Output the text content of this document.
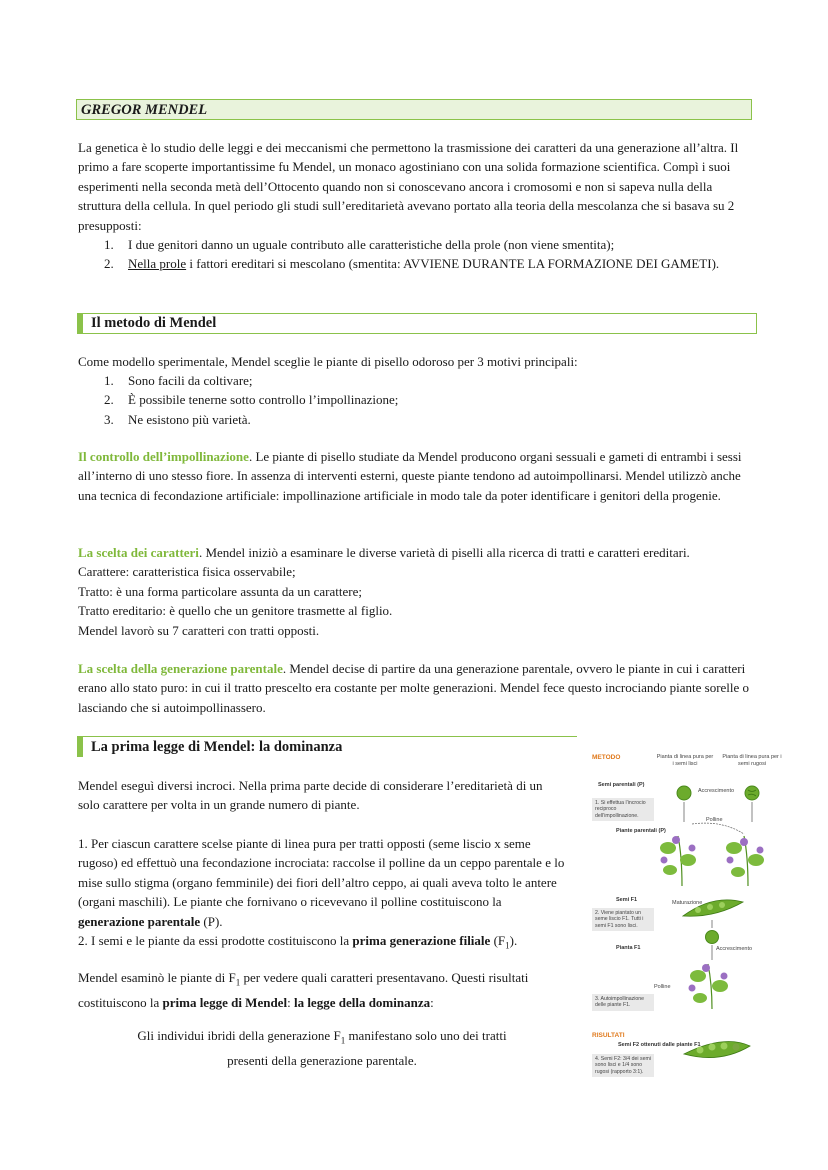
GREGOR MENDEL

La genetica è lo studio delle leggi e dei meccanismi che permettono la trasmissione dei caratteri da una generazione all’altra. Il primo a fare scoperte importantissime fu Mendel, un monaco agostiniano con una solida formazione scientifica. Compì i suoi esperimenti nella seconda metà dell’Ottocento quando non si conoscevano ancora i cromosomi e non si sapeva nulla della struttura della cellula. In quel periodo gli studi sull’ereditarietà avevano portato alla teoria della mescolanza che si basava su 2 presupposti:

1. I due genitori danno un uguale contributo alle caratteristiche della prole (non viene smentita);
2. Nella prole i fattori ereditari si mescolano (smentita: AVVIENE DURANTE LA FORMAZIONE DEI GAMETI).
Il metodo di Mendel

Come modello sperimentale, Mendel sceglie le piante di pisello odoroso per 3 motivi principali:

1. Sono facili da coltivare;
2. È possibile tenerne sotto controllo l’impollinazione;
3. Ne esistono più varietà.

Il controllo dell’impollinazione. Le piante di pisello studiate da Mendel producono organi sessuali e gameti di entrambi i sessi all’interno di uno stesso fiore. In assenza di interventi esterni, queste piante tendono ad autoimpollinarsi. Mendel utilizzò anche una tecnica di fecondazione artificiale: impollinazione artificiale in modo tale da poter identificare i genitori della progenie.

La scelta dei caratteri. Mendel iniziò a esaminare le diverse varietà di piselli alla ricerca di tratti e caratteri ereditari.
Carattere: caratteristica fisica osservabile;
Tratto: è una forma particolare assunta da un carattere;
Tratto ereditario: è quello che un genitore trasmette al figlio.
Mendel lavorò su 7 caratteri con tratti opposti.

La scelta della generazione parentale. Mendel decise di partire da una generazione parentale, ovvero le piante in cui i caratteri erano allo stato puro: in cui il tratto prescelto era costante per molte generazioni. Mendel fece questo incrociando piante sorelle o lasciando che si autoimpollinassero.

La prima legge di Mendel: la dominanza

Mendel eseguì diversi incroci. Nella prima parte decide di considerare l’ereditarietà di un solo carattere per volta in un grande numero di piante.

1. Per ciascun carattere scelse piante di linea pura per tratti opposti (seme liscio x seme rugoso) ed effettuò una fecondazione incrociata: raccolse il polline da un ceppo parentale e lo mise sullo stigma (organo femminile) dei fiori dell’altro ceppo, ai quali aveva tolto le antere (organi maschili). Le piante che fornivano o ricevevano il polline costituiscono la generazione parentale (P).
2. I semi e le piante da essi prodotte costituiscono la prima generazione filiale $(F_1)$.

Mendel esaminò le piante di $F_1$ per vedere quali caratteri presentavano. Questi risultati costituiscono la prima legge di Mendel: la legge della dominanza:

Gli individui ibridi della generazione $F_1$ manifestano solo uno dei tratti
presenti della generazione parentale.

METODO	Pianta di linea pura per i semi lisci
Pianta di linea pura per i semi rugosi
Semi parentali (P)
Accrescimento
1. Si effettua l’incrocio reciproco dell’impollinazione.
Polline
Piante parentali (P)
Maturazione
Semi F1
2. Viene piantato un seme liscio F1. Tutti i semi F1 sono lisci.
Pianta F1	Accrescimento
Polline
3. Autoimpollinazione delle piante F1.
RISULTATI
Semi F2 ottenuti dalle piante F1
4. Semi F2: 3/4 dei semi sono lisci e 1/4 sono rugosi (rapporto 3:1).
